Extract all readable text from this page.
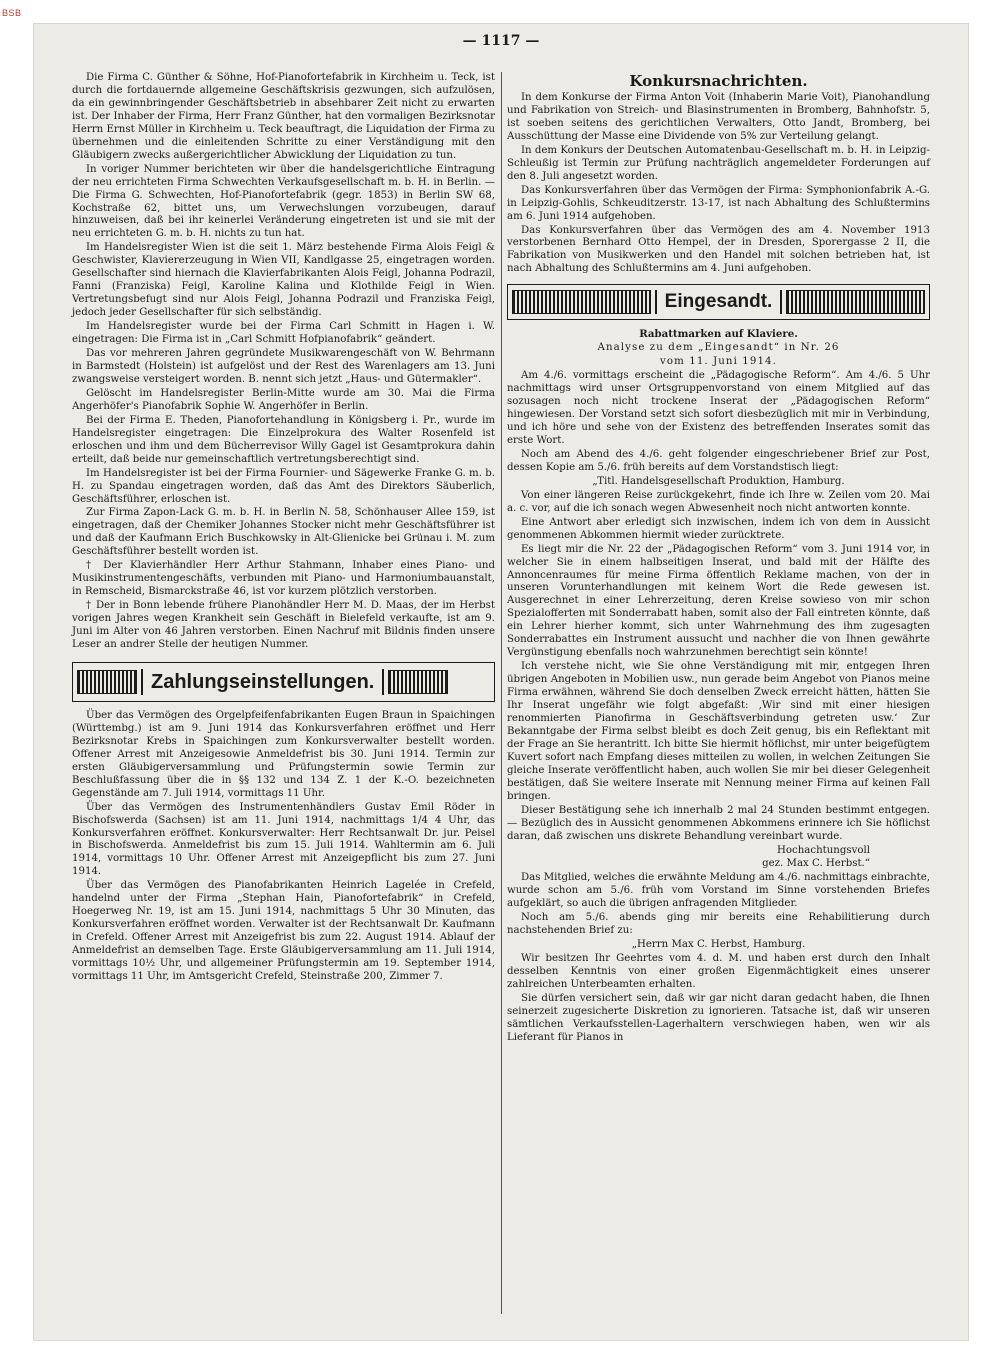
BSB
— 1117 —

Die Firma C. Günther & Söhne, Hof-Pianofortefabrik in Kirchheim u. Teck, ist durch die fortdauernde allgemeine Geschäftskrisis gezwungen, sich aufzulösen, da ein gewinnbringender Geschäftsbetrieb in absehbarer Zeit nicht zu erwarten ist. Der Inhaber der Firma, Herr Franz Günther, hat den vormaligen Bezirksnotar Herrn Ernst Müller in Kirchheim u. Teck beauftragt, die Liquidation der Firma zu übernehmen und die einleitenden Schritte zu einer Verständigung mit den Gläubigern zwecks außergerichtlicher Abwicklung der Liquidation zu tun.

In voriger Nummer berichteten wir über die handelsgerichtliche Eintragung der neu errichteten Firma Schwechten Verkaufsgesellschaft m. b. H. in Berlin. — Die Firma G. Schwechten, Hof-Pianofortefabrik (gegr. 1853) in Berlin SW 68, Kochstraße 62, bittet uns, um Verwechslungen vorzubeugen, darauf hinzuweisen, daß bei ihr keinerlei Veränderung eingetreten ist und sie mit der neu errichteten G. m. b. H. nichts zu tun hat.

Im Handelsregister Wien ist die seit 1. März bestehende Firma Alois Feigl & Geschwister, Klaviererzeugung in Wien VII, Kandlgasse 25, eingetragen worden. Gesellschafter sind hiernach die Klavierfabrikanten Alois Feigl, Johanna Podrazil, Fanni (Franziska) Feigl, Karoline Kalina und Klothilde Feigl in Wien. Vertretungsbefugt sind nur Alois Feigl, Johanna Podrazil und Franziska Feigl, jedoch jeder Gesellschafter für sich selbständig.

Im Handelsregister wurde bei der Firma Carl Schmitt in Hagen i. W. eingetragen: Die Firma ist in „Carl Schmitt Hofpianofabrik“ geändert.

Das vor mehreren Jahren gegründete Musikwarengeschäft von W. Behrmann in Barmstedt (Holstein) ist aufgelöst und der Rest des Warenlagers am 13. Juni zwangsweise versteigert worden. B. nennt sich jetzt „Haus- und Gütermakler“.

Gelöscht im Handelsregister Berlin-Mitte wurde am 30. Mai die Firma Angerhöfer's Pianofabrik Sophie W. Angerhöfer in Berlin.

Bei der Firma E. Theden, Pianofortehandlung in Königsberg i. Pr., wurde im Handelsregister eingetragen: Die Einzelprokura des Walter Rosenfeld ist erloschen und ihm und dem Bücherrevisor Willy Gagel ist Gesamtprokura dahin erteilt, daß beide nur gemeinschaftlich vertretungsberechtigt sind.

Im Handelsregister ist bei der Firma Fournier- und Sägewerke Franke G. m. b. H. zu Spandau eingetragen worden, daß das Amt des Direktors Säuberlich, Geschäftsführer, erloschen ist.

Zur Firma Zapon-Lack G. m. b. H. in Berlin N. 58, Schönhauser Allee 159, ist eingetragen, daß der Chemiker Johannes Stocker nicht mehr Geschäftsführer ist und daß der Kaufmann Erich Buschkowsky in Alt-Glienicke bei Grünau i. M. zum Geschäftsführer bestellt worden ist.

† Der Klavierhändler Herr Arthur Stahmann, Inhaber eines Piano- und Musikinstrumentengeschäfts, verbunden mit Piano- und Harmoniumbauanstalt, in Remscheid, Bismarckstraße 46, ist vor kurzem plötzlich verstorben.

† Der in Bonn lebende frühere Pianohändler Herr M. D. Maas, der im Herbst vorigen Jahres wegen Krankheit sein Geschäft in Bielefeld verkaufte, ist am 9. Juni im Alter von 46 Jahren verstorben. Einen Nachruf mit Bildnis finden unsere Leser an andrer Stelle der heutigen Nummer.

Zahlungseinstellungen.

Über das Vermögen des Orgelpfeifenfabrikanten Eugen Braun in Spaichingen (Württembg.) ist am 9. Juni 1914 das Konkursverfahren eröffnet und Herr Bezirksnotar Krebs in Spaichingen zum Konkursverwalter bestellt worden. Offener Arrest mit Anzeigesowie Anmeldefrist bis 30. Juni 1914. Termin zur ersten Gläubigerversammlung und Prüfungstermin sowie Termin zur Beschlußfassung über die in §§ 132 und 134 Z. 1 der K.-O. bezeichneten Gegenstände am 7. Juli 1914, vormittags 11 Uhr.

Über das Vermögen des Instrumentenhändlers Gustav Emil Röder in Bischofswerda (Sachsen) ist am 11. Juni 1914, nachmittags 1/4 4 Uhr, das Konkursverfahren eröffnet. Konkursverwalter: Herr Rechtsanwalt Dr. jur. Peisel in Bischofswerda. Anmeldefrist bis zum 15. Juli 1914. Wahltermin am 6. Juli 1914, vormittags 10 Uhr. Offener Arrest mit Anzeigepflicht bis zum 27. Juni 1914.

Über das Vermögen des Pianofabrikanten Heinrich Lagelée in Crefeld, handelnd unter der Firma „Stephan Hain, Pianofortefabrik“ in Crefeld, Hoegerweg Nr. 19, ist am 15. Juni 1914, nachmittags 5 Uhr 30 Minuten, das Konkursverfahren eröffnet worden. Verwalter ist der Rechtsanwalt Dr. Kaufmann in Crefeld. Offener Arrest mit Anzeigefrist bis zum 22. August 1914. Ablauf der Anmeldefrist an demselben Tage. Erste Gläubigerversammlung am 11. Juli 1914, vormittags 10½ Uhr, und allgemeiner Prüfungstermin am 19. September 1914, vormittags 11 Uhr, im Amtsgericht Crefeld, Steinstraße 200, Zimmer 7.

Konkursnachrichten.

In dem Konkurse der Firma Anton Voit (Inhaberin Marie Voit), Pianohandlung und Fabrikation von Streich- und Blasinstrumenten in Bromberg, Bahnhofstr. 5, ist soeben seitens des gerichtlichen Verwalters, Otto Jandt, Bromberg, bei Ausschüttung der Masse eine Dividende von 5% zur Verteilung gelangt.

In dem Konkurs der Deutschen Automatenbau-Gesellschaft m. b. H. in Leipzig-Schleußig ist Termin zur Prüfung nachträglich angemeldeter Forderungen auf den 8. Juli angesetzt worden.

Das Konkursverfahren über das Vermögen der Firma: Symphonionfabrik A.-G. in Leipzig-Gohlis, Schkeuditzerstr. 13-17, ist nach Abhaltung des Schlußtermins am 6. Juni 1914 aufgehoben.

Das Konkursverfahren über das Vermögen des am 4. November 1913 verstorbenen Bernhard Otto Hempel, der in Dresden, Sporergasse 2 II, die Fabrikation von Musikwerken und den Handel mit solchen betrieben hat, ist nach Abhaltung des Schlußtermins am 4. Juni aufgehoben.

Eingesandt.

Rabattmarken auf Klaviere.

Analyse zu dem „Eingesandt“ in Nr. 26

vom 11. Juni 1914.

Am 4./6. vormittags erscheint die „Pädagogische Reform“. Am 4./6. 5 Uhr nachmittags wird unser Ortsgruppenvorstand von einem Mitglied auf das sozusagen noch nicht trockene Inserat der „Pädagogischen Reform“ hingewiesen. Der Vorstand setzt sich sofort diesbezüglich mit mir in Verbindung, und ich höre und sehe von der Existenz des betreffenden Inserates somit das erste Wort.

Noch am Abend des 4./6. geht folgender eingeschriebener Brief zur Post, dessen Kopie am 5./6. früh bereits auf dem Vorstandstisch liegt:

„Titl. Handelsgesellschaft Produktion, Hamburg.

Von einer längeren Reise zurückgekehrt, finde ich Ihre w. Zeilen vom 20. Mai a. c. vor, auf die ich sonach wegen Abwesenheit noch nicht antworten konnte.

Eine Antwort aber erledigt sich inzwischen, indem ich von dem in Aussicht genommenen Abkommen hiermit wieder zurücktrete.

Es liegt mir die Nr. 22 der „Pädagogischen Reform“ vom 3. Juni 1914 vor, in welcher Sie in einem halbseitigen Inserat, und bald mit der Hälfte des Annoncenraumes für meine Firma öffentlich Reklame machen, von der in unseren Vorunterhandlungen mit keinem Wort die Rede gewesen ist. Ausgerechnet in einer Lehrerzeitung, deren Kreise sowieso von mir schon Spezialofferten mit Sonderrabatt haben, somit also der Fall eintreten könnte, daß ein Lehrer hierher kommt, sich unter Wahrnehmung des ihm zugesagten Sonderrabattes ein Instrument aussucht und nachher die von Ihnen gewährte Vergünstigung ebenfalls noch wahrzunehmen berechtigt sein könnte!

Ich verstehe nicht, wie Sie ohne Verständigung mit mir, entgegen Ihren übrigen Angeboten in Mobilien usw., nun gerade beim Angebot von Pianos meine Firma erwähnen, während Sie doch denselben Zweck erreicht hätten, hätten Sie Ihr Inserat ungefähr wie folgt abgefaßt: ‚Wir sind mit einer hiesigen renommierten Pianofirma in Geschäftsverbindung getreten usw.‘ Zur Bekanntgabe der Firma selbst bleibt es doch Zeit genug, bis ein Reflektant mit der Frage an Sie herantritt. Ich bitte Sie hiermit höflichst, mir unter beigefügtem Kuvert sofort nach Empfang dieses mitteilen zu wollen, in welchen Zeitungen Sie gleiche Inserate veröffentlicht haben, auch wollen Sie mir bei dieser Gelegenheit bestätigen, daß Sie weitere Inserate mit Nennung meiner Firma auf keinen Fall bringen.

Dieser Bestätigung sehe ich innerhalb 2 mal 24 Stunden bestimmt entgegen. — Bezüglich des in Aussicht genommenen Abkommens erinnere ich Sie höflichst daran, daß zwischen uns diskrete Behandlung vereinbart wurde.

Hochachtungsvoll

gez. Max C. Herbst.“

Das Mitglied, welches die erwähnte Meldung am 4./6. nachmittags einbrachte, wurde schon am 5./6. früh vom Vorstand im Sinne vorstehenden Briefes aufgeklärt, so auch die übrigen anfragenden Mitglieder.

Noch am 5./6. abends ging mir bereits eine Rehabilitierung durch nachstehenden Brief zu:

„Herrn Max C. Herbst, Hamburg.

Wir besitzen Ihr Geehrtes vom 4. d. M. und haben erst durch den Inhalt desselben Kenntnis von einer großen Eigenmächtigkeit eines unserer zahlreichen Unterbeamten erhalten.

Sie dürfen versichert sein, daß wir gar nicht daran gedacht haben, die Ihnen seinerzeit zugesicherte Diskretion zu ignorieren. Tatsache ist, daß wir unseren sämtlichen Verkaufsstellen-Lagerhaltern verschwiegen haben, wen wir als Lieferant für Pianos in
